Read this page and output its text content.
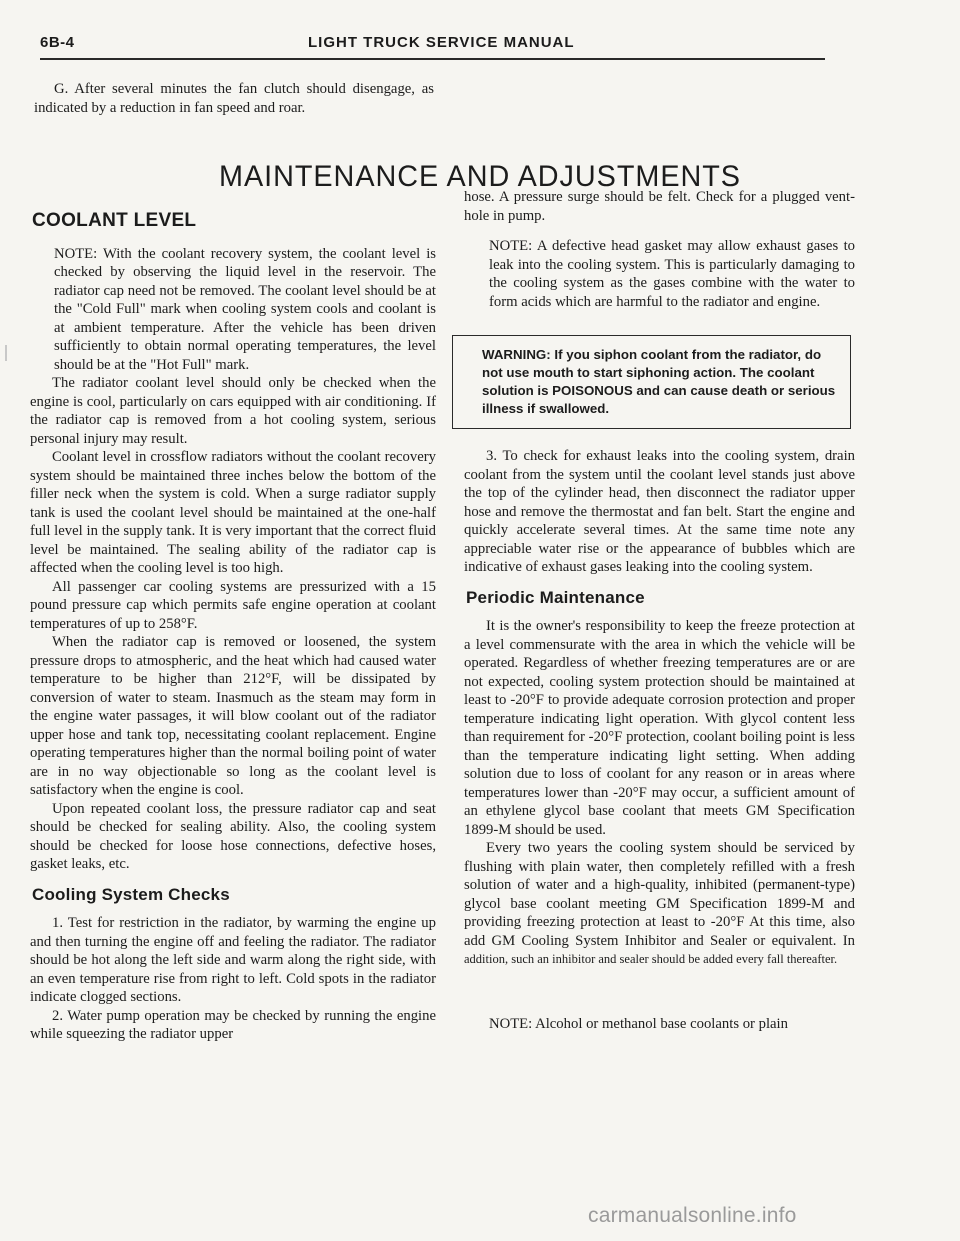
6B-4	LIGHT TRUCK SERVICE MANUAL

G. After several minutes the fan clutch should disengage, as indicated by a reduction in fan speed and roar.

MAINTENANCE AND ADJUSTMENTS
COOLANT LEVEL

NOTE: With the coolant recovery system, the coolant level is checked by observing the liquid level in the reservoir. The radiator cap need not be removed. The coolant level should be at the "Cold Full" mark when cooling system cools and coolant is at ambient temperature. After the vehicle has been driven sufficiently to obtain normal operating temperatures, the level should be at the "Hot Full" mark.

The radiator coolant level should only be checked when the engine is cool, particularly on cars equipped with air conditioning. If the radiator cap is removed from a hot cooling system, serious personal injury may result.

Coolant level in crossflow radiators without the coolant recovery system should be maintained three inches below the bottom of the filler neck when the system is cold. When a surge radiator supply tank is used the coolant level should be maintained at the one-half full level in the supply tank. It is very important that the correct fluid level be maintained. The sealing ability of the radiator cap is affected when the cooling level is too high.

All passenger car cooling systems are pressurized with a 15 pound pressure cap which permits safe engine operation at coolant temperatures of up to 258°F.

When the radiator cap is removed or loosened, the system pressure drops to atmospheric, and the heat which had caused water temperature to be higher than 212°F, will be dissipated by conversion of water to steam. Inasmuch as the steam may form in the engine water passages, it will blow coolant out of the radiator upper hose and tank top, necessitating coolant replacement. Engine operating temperatures higher than the normal boiling point of water are in no way objectionable so long as the coolant level is satisfactory when the engine is cool.

Upon repeated coolant loss, the pressure radiator cap and seat should be checked for sealing ability. Also, the cooling system should be checked for loose hose connections, defective hoses, gasket leaks, etc.

Cooling System Checks

1. Test for restriction in the radiator, by warming the engine up and then turning the engine off and feeling the radiator. The radiator should be hot along the left side and warm along the right side, with an even temperature rise from right to left. Cold spots in the radiator indicate clogged sections.

2. Water pump operation may be checked by running the engine while squeezing the radiator upper

hose. A pressure surge should be felt. Check for a plugged vent-hole in pump.

NOTE: A defective head gasket may allow exhaust gases to leak into the cooling system. This is particularly damaging to the cooling system as the gases combine with the water to form acids which are harmful to the radiator and engine.

WARNING: If you siphon coolant from the radiator, do not use mouth to start siphoning action. The coolant solution is POISONOUS and can cause death or serious illness if swallowed.

3. To check for exhaust leaks into the cooling system, drain coolant from the system until the coolant level stands just above the top of the cylinder head, then disconnect the radiator upper hose and remove the thermostat and fan belt. Start the engine and quickly accelerate several times. At the same time note any appreciable water rise or the appearance of bubbles which are indicative of exhaust gases leaking into the cooling system.

Periodic Maintenance

It is the owner's responsibility to keep the freeze protection at a level commensurate with the area in which the vehicle will be operated. Regardless of whether freezing temperatures are or are not expected, cooling system protection should be maintained at least to -20°F to provide adequate corrosion protection and proper temperature indicating light operation. With glycol content less than requirement for -20°F protection, coolant boiling point is less than the temperature indicating light setting. When adding solution due to loss of coolant for any reason or in areas where temperatures lower than -20°F may occur, a sufficient amount of an ethylene glycol base coolant that meets GM Specification 1899-M should be used.

Every two years the cooling system should be serviced by flushing with plain water, then completely refilled with a fresh solution of water and a high-quality, inhibited (permanent-type) glycol base coolant meeting GM Specification 1899-M and providing freezing protection at least to -20°F At this time, also add GM Cooling System Inhibitor and Sealer or equivalent. In addition, such an inhibitor and sealer should be added every fall thereafter.

NOTE: Alcohol or methanol base coolants or plain

carmanualsonline.info
